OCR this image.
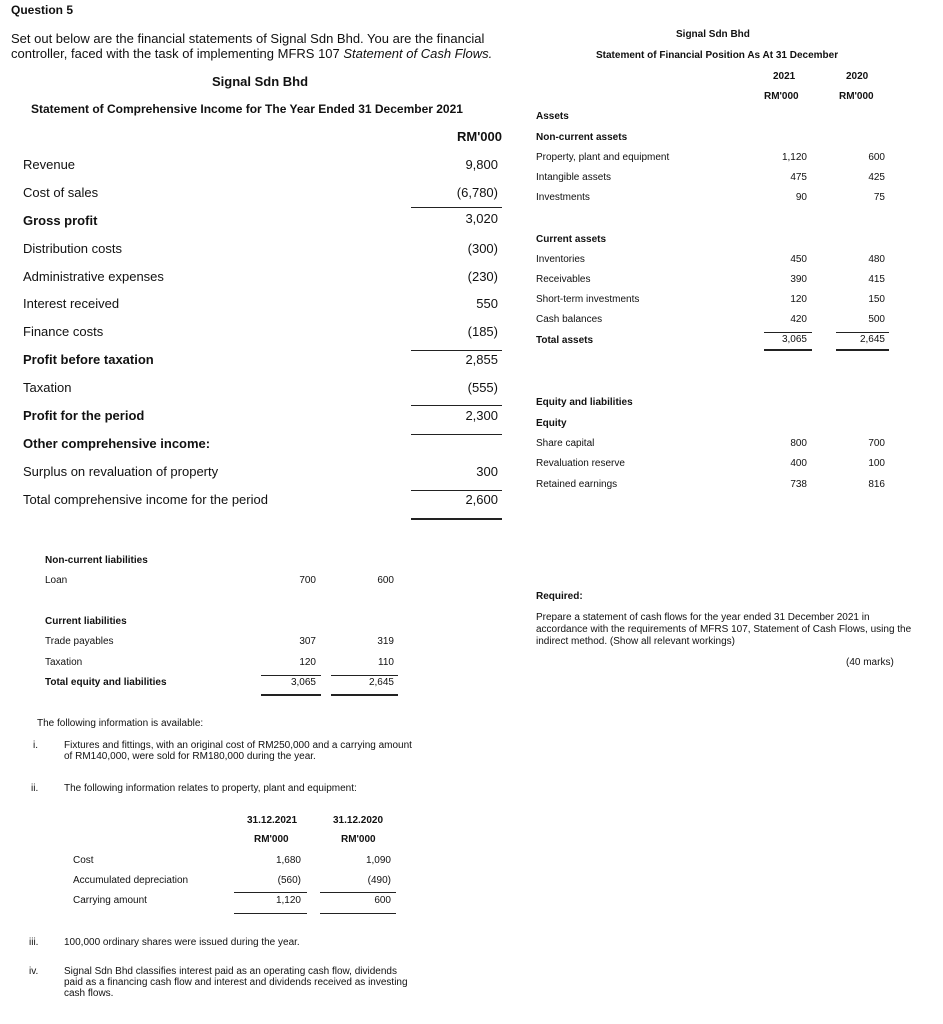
Question 5
Set out below are the financial statements of Signal Sdn Bhd. You are the financial
controller, faced with the task of implementing MFRS 107 Statement of Cash Flows.
Signal Sdn Bhd
Statement of Comprehensive Income for The Year Ended 31 December 2021
RM'000
Revenue	9,800
Cost of sales	(6,780)
Gross profit	3,020
Distribution costs	(300)
Administrative expenses	(230)
Interest received	550
Finance costs	(185)
Profit before taxation	2,855
Taxation	(555)
Profit for the period	2,300
Other comprehensive income:
Surplus on revaluation of property	300
Total comprehensive income for the period	2,600
Signal Sdn Bhd
Statement of Financial Position As At 31 December
2021	2020
RM'000	RM'000
Assets
Non-current assets
Property, plant and equipment	1,120	600
Intangible assets	475	425
Investments	90	75
Current assets
Inventories	450	480
Receivables	390	415
Short-term investments	120	150
Cash balances	420	500
Total assets	3,065	2,645
Equity and liabilities
Equity
Share capital	800	700
Revaluation reserve	400	100
Retained earnings	738	816
Non-current liabilities
Loan	700	600
Current liabilities
Trade payables	307	319
Taxation	120	110
Total equity and liabilities	3,065	2,645
Required:
Prepare a statement of cash flows for the year ended 31 December 2021 in
accordance with the requirements of MFRS 107, Statement of Cash Flows, using the
indirect method. (Show all relevant workings)
(40 marks)
The following information is available:
i.	Fixtures and fittings, with an original cost of RM250,000 and a carrying amount
of RM140,000, were sold for RM180,000 during the year.
ii.	The following information relates to property, plant and equipment:
31.12.2021	31.12.2020
RM'000	RM'000
Cost	1,680	1,090
Accumulated depreciation	(560)	(490)
Carrying amount	1,120	600
iii.	100,000 ordinary shares were issued during the year.
iv.	Signal Sdn Bhd classifies interest paid as an operating cash flow, dividends
paid as a financing cash flow and interest and dividends received as investing
cash flows.
